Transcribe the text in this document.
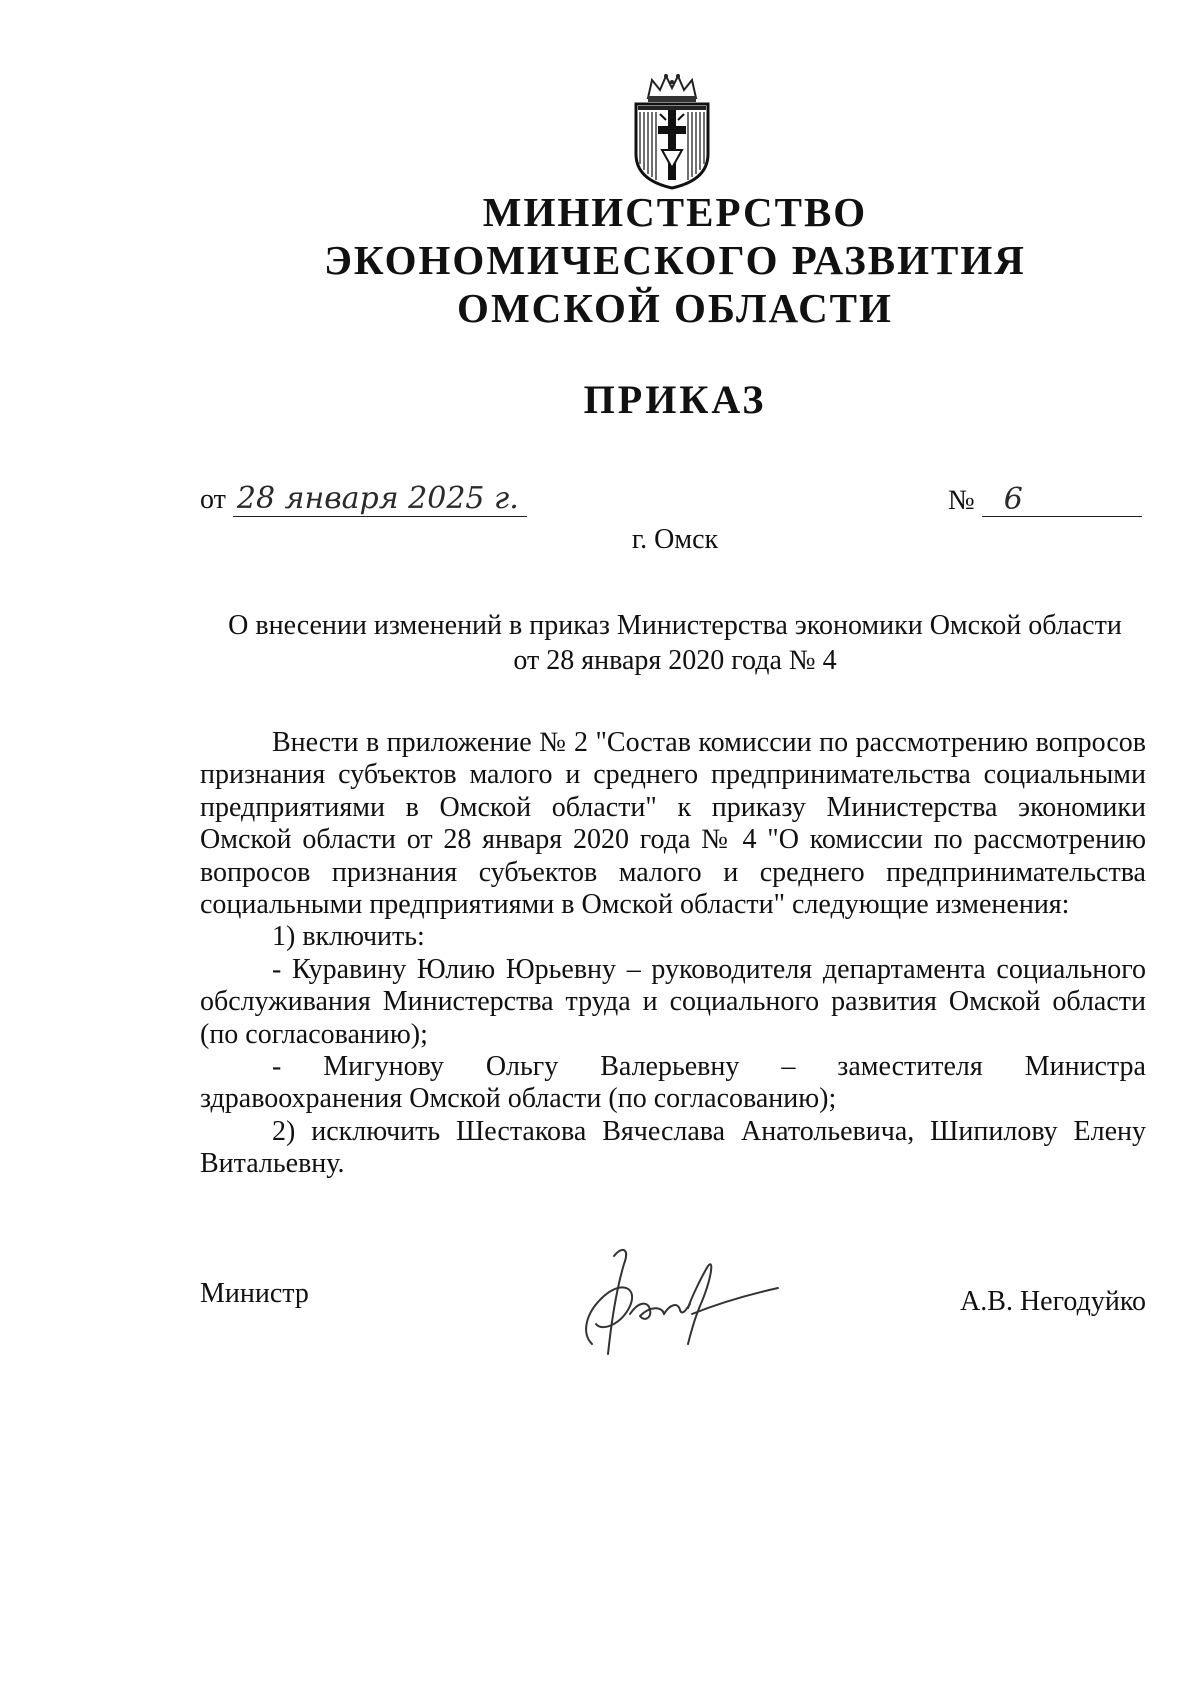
МИНИСТЕРСТВО
ЭКОНОМИЧЕСКОГО РАЗВИТИЯ
ОМСКОЙ ОБЛАСТИ
ПРИКАЗ
от 28 января 2025 г.	№ 6
г. Омск
О внесении изменений в приказ Министерства экономики Омской области
от 28 января 2020 года № 4

Внести в приложение № 2 "Состав комиссии по рассмотрению вопросов признания субъектов малого и среднего предпринимательства социальными предприятиями в Омской области" к приказу Министерства экономики Омской области от 28 января 2020 года № 4 "О комиссии по рассмотрению вопросов признания субъектов малого и среднего предпринимательства социальными предприятиями в Омской области" следующие изменения:

1) включить:

- Куравину Юлию Юрьевну – руководителя департамента социального обслуживания Министерства труда и социального развития Омской области (по согласованию);

- Мигунову Ольгу Валерьевну – заместителя Министра

здравоохранения Омской области (по согласованию);

2) исключить Шестакова Вячеслава Анатольевича, Шипилову Елену Витальевну.

Министр	А.В. Негодуйко
